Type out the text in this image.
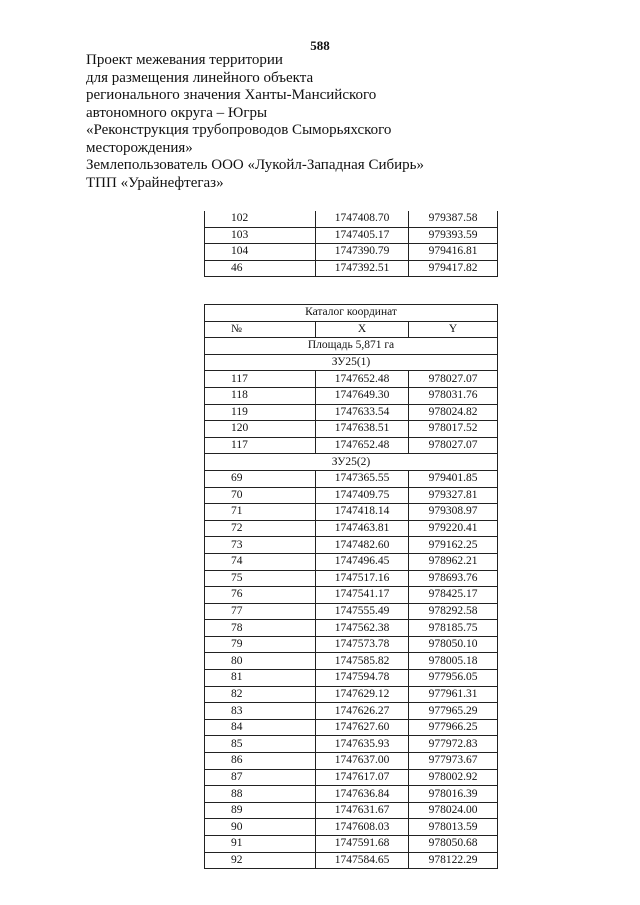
588
Проект межевания территории
для размещения линейного объекта
регионального значения Ханты-Мансийского
автономного округа – Югры
«Реконструкция трубопроводов Сыморьяхского
месторождения»
Землепользователь ООО «Лукойл-Западная Сибирь»
ТПП «Урайнефтегаз»
102	1747408.70	979387.58
103	1747405.17	979393.59
104	1747390.79	979416.81
46	1747392.51	979417.82
Каталог координат		
№	X	Y
Площадь 5,871 га		
ЗУ25(1)		
117	1747652.48	978027.07
118	1747649.30	978031.76
119	1747633.54	978024.82
120	1747638.51	978017.52
117	1747652.48	978027.07
ЗУ25(2)		
69	1747365.55	979401.85
70	1747409.75	979327.81
71	1747418.14	979308.97
72	1747463.81	979220.41
73	1747482.60	979162.25
74	1747496.45	978962.21
75	1747517.16	978693.76
76	1747541.17	978425.17
77	1747555.49	978292.58
78	1747562.38	978185.75
79	1747573.78	978050.10
80	1747585.82	978005.18
81	1747594.78	977956.05
82	1747629.12	977961.31
83	1747626.27	977965.29
84	1747627.60	977966.25
85	1747635.93	977972.83
86	1747637.00	977973.67
87	1747617.07	978002.92
88	1747636.84	978016.39
89	1747631.67	978024.00
90	1747608.03	978013.59
91	1747591.68	978050.68
92	1747584.65	978122.29
